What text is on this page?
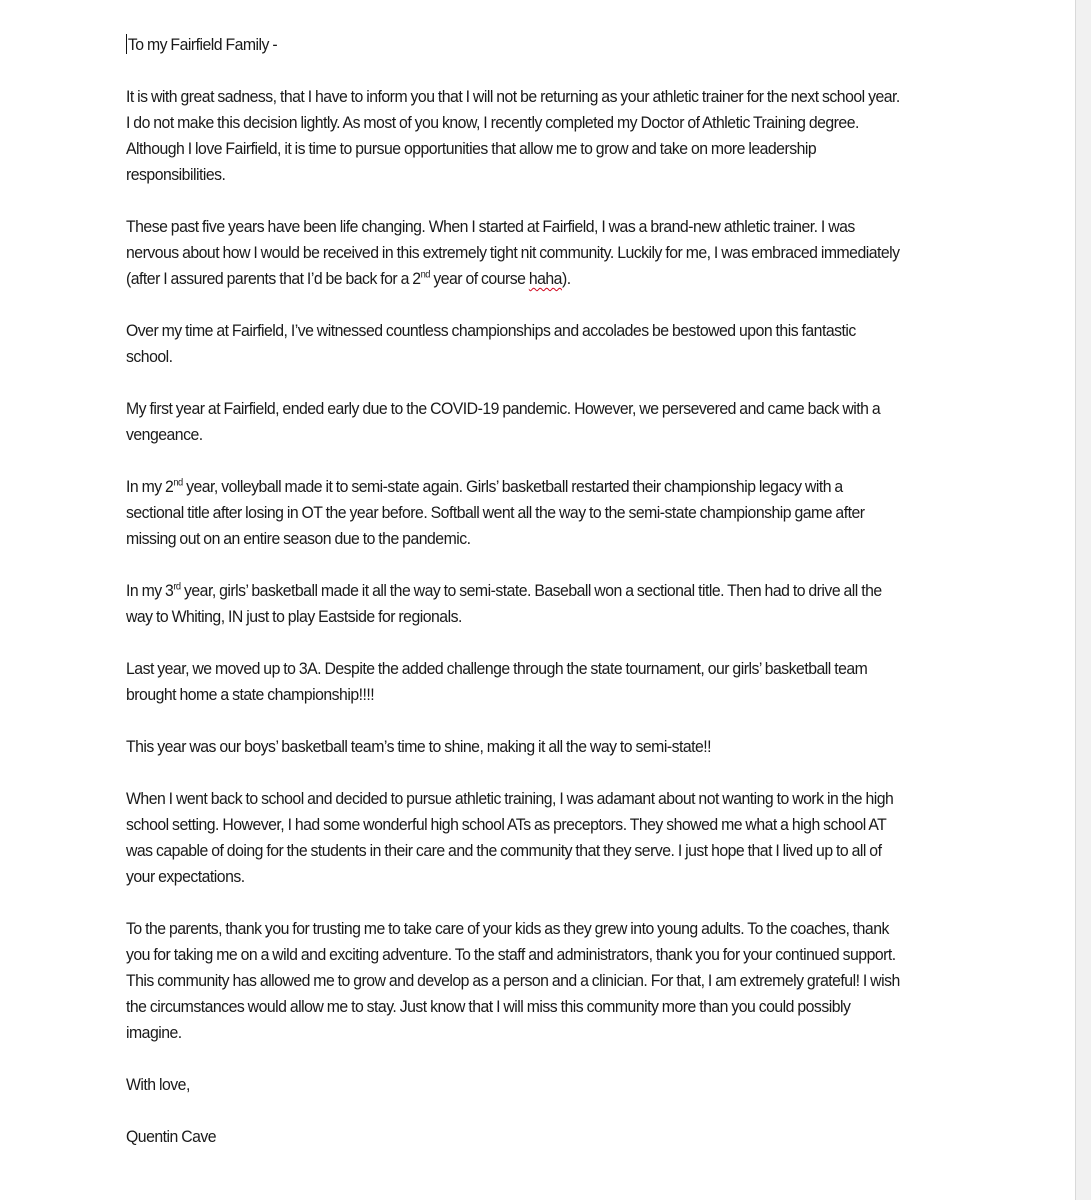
To my Fairfield Family -

It is with great sadness, that I have to inform you that I will not be returning as your athletic trainer for the next school year. I do not make this decision lightly. As most of you know, I recently completed my Doctor of Athletic Training degree. Although I love Fairfield, it is time to pursue opportunities that allow me to grow and take on more leadership responsibilities.

These past five years have been life changing. When I started at Fairfield, I was a brand-new athletic trainer. I was nervous about how I would be received in this extremely tight nit community. Luckily for me, I was embraced immediately (after I assured parents that I’d be back for a 2nd year of course haha).

Over my time at Fairfield, I’ve witnessed countless championships and accolades be bestowed upon this fantastic school.

My first year at Fairfield, ended early due to the COVID-19 pandemic. However, we persevered and came back with a vengeance.

In my 2nd year, volleyball made it to semi-state again. Girls’ basketball restarted their championship legacy with a sectional title after losing in OT the year before. Softball went all the way to the semi-state championship game after missing out on an entire season due to the pandemic.

In my 3rd year, girls’ basketball made it all the way to semi-state. Baseball won a sectional title. Then had to drive all the way to Whiting, IN just to play Eastside for regionals.

Last year, we moved up to 3A. Despite the added challenge through the state tournament, our girls’ basketball team brought home a state championship!!!!

This year was our boys’ basketball team’s time to shine, making it all the way to semi-state!!

When I went back to school and decided to pursue athletic training, I was adamant about not wanting to work in the high school setting. However, I had some wonderful high school ATs as preceptors. They showed me what a high school AT was capable of doing for the students in their care and the community that they serve. I just hope that I lived up to all of your expectations.

To the parents, thank you for trusting me to take care of your kids as they grew into young adults. To the coaches, thank you for taking me on a wild and exciting adventure. To the staff and administrators, thank you for your continued support. This community has allowed me to grow and develop as a person and a clinician. For that, I am extremely grateful! I wish the circumstances would allow me to stay. Just know that I will miss this community more than you could possibly imagine.

With love,

Quentin Cave
